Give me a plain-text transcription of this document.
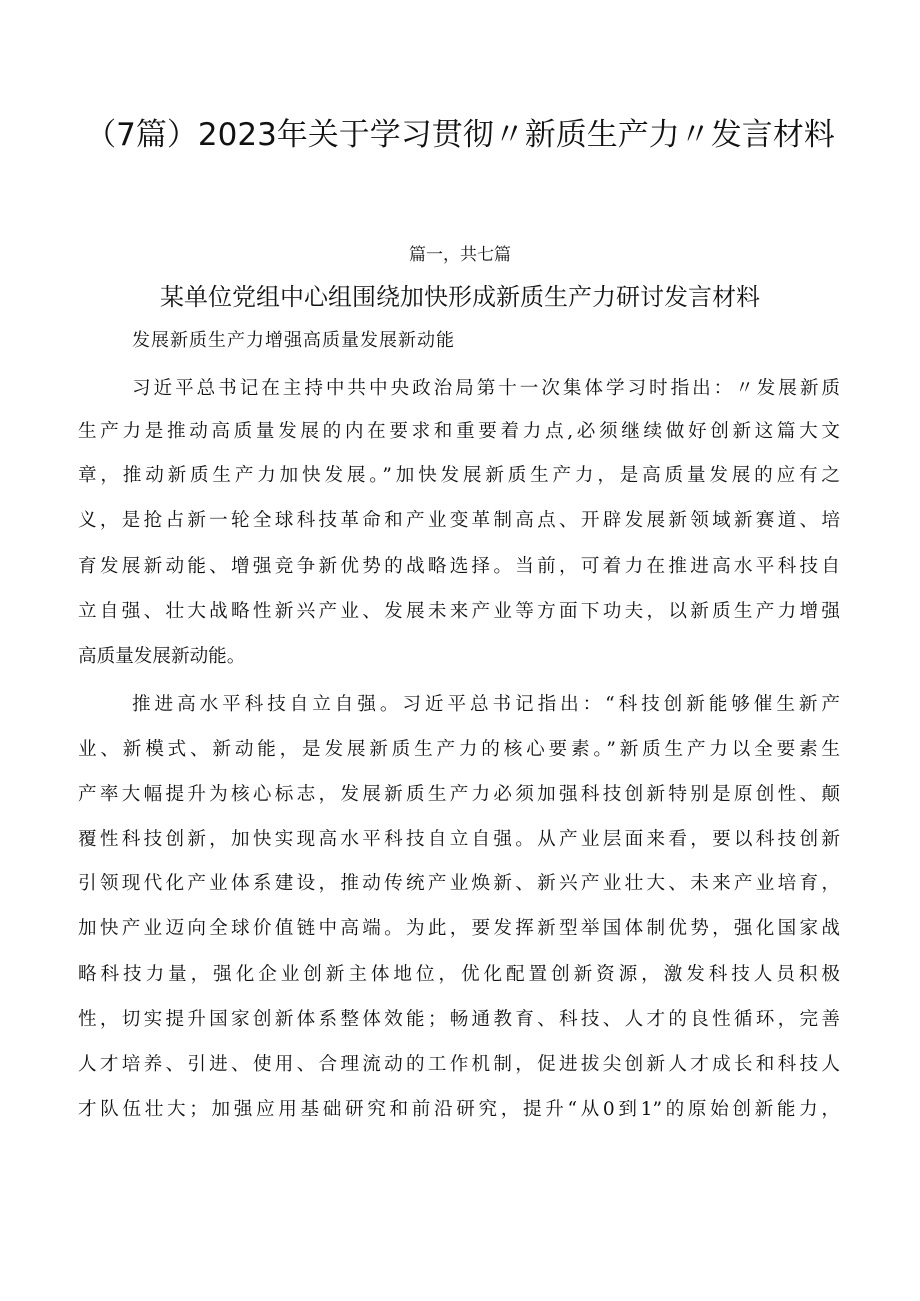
（7篇）2023年关于学习贯彻〃新质生产力〃发言材料
篇一，共七篇
某单位党组中心组围绕加快形成新质生产力研讨发言材料
发展新质生产力增强高质量发展新动能
习近平总书记在主持中共中央政治局第十一次集体学习时指出：〃发展新质
生产力是推动高质量发展的内在要求和重要着力点,必须继续做好创新这篇大文
章，推动新质生产力加快发展。”加快发展新质生产力，是高质量发展的应有之
义，是抢占新一轮全球科技革命和产业变革制高点、开辟发展新领域新赛道、培
育发展新动能、增强竞争新优势的战略选择。当前，可着力在推进高水平科技自
立自强、壮大战略性新兴产业、发展未来产业等方面下功夫，以新质生产力增强
高质量发展新动能。
推进高水平科技自立自强。习近平总书记指出：“科技创新能够催生新产
业、新模式、新动能，是发展新质生产力的核心要素。”新质生产力以全要素生
产率大幅提升为核心标志，发展新质生产力必须加强科技创新特别是原创性、颠
覆性科技创新，加快实现高水平科技自立自强。从产业层面来看，要以科技创新
引领现代化产业体系建设，推动传统产业焕新、新兴产业壮大、未来产业培育，
加快产业迈向全球价值链中高端。为此，要发挥新型举国体制优势，强化国家战
略科技力量，强化企业创新主体地位，优化配置创新资源，激发科技人员积极
性，切实提升国家创新体系整体效能；畅通教育、科技、人才的良性循环，完善
人才培养、引进、使用、合理流动的工作机制，促进拔尖创新人才成长和科技人
才队伍壮大；加强应用基础研究和前沿研究，提升“从0到1”的原始创新能力，
